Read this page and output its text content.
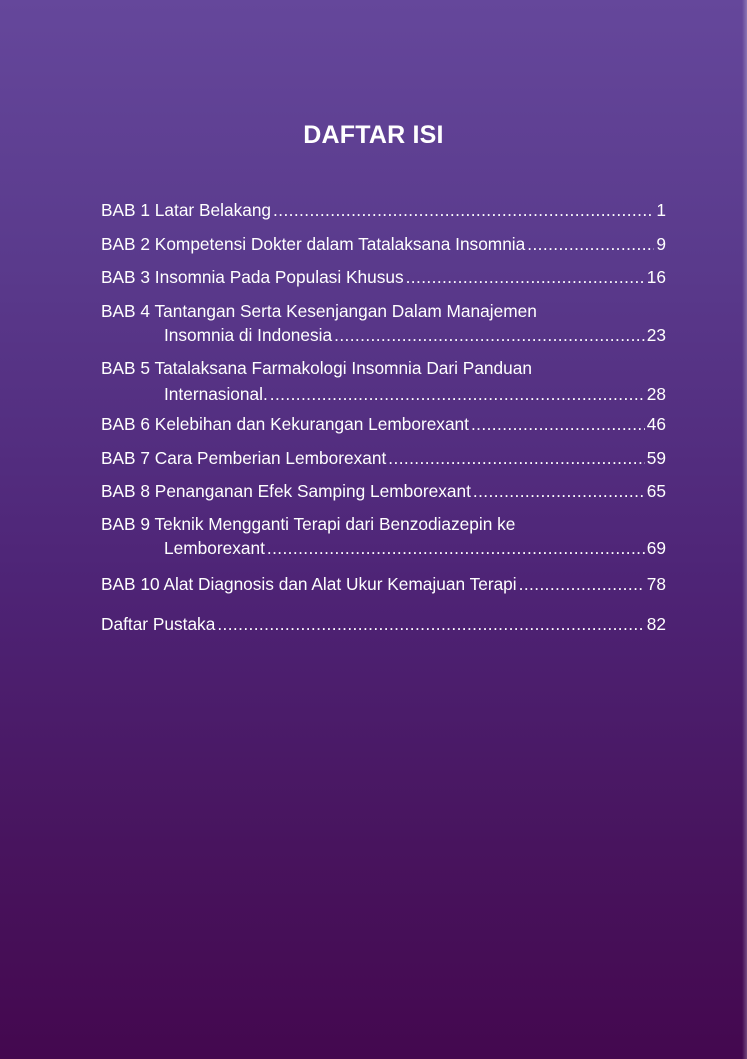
DAFTAR ISI
BAB 1 Latar Belakang .....	1
BAB 2 Kompetensi Dokter dalam Tatalaksana Insomnia .....	9
BAB 3 Insomnia Pada Populasi Khusus .....	16
BAB 4 Tantangan Serta Kesenjangan Dalam Manajemen
Insomnia di Indonesia .....	23
BAB 5 Tatalaksana Farmakologi Insomnia Dari Panduan
Internasional. .....	28
BAB 6 Kelebihan dan Kekurangan Lemborexant .....	46
BAB 7 Cara Pemberian Lemborexant .....	59
BAB 8 Penanganan Efek Samping Lemborexant .....	65
BAB 9 Teknik Mengganti Terapi dari Benzodiazepin ke
Lemborexant .....	69
BAB 10 Alat Diagnosis dan Alat Ukur Kemajuan Terapi .....	78
Daftar Pustaka .....	82
